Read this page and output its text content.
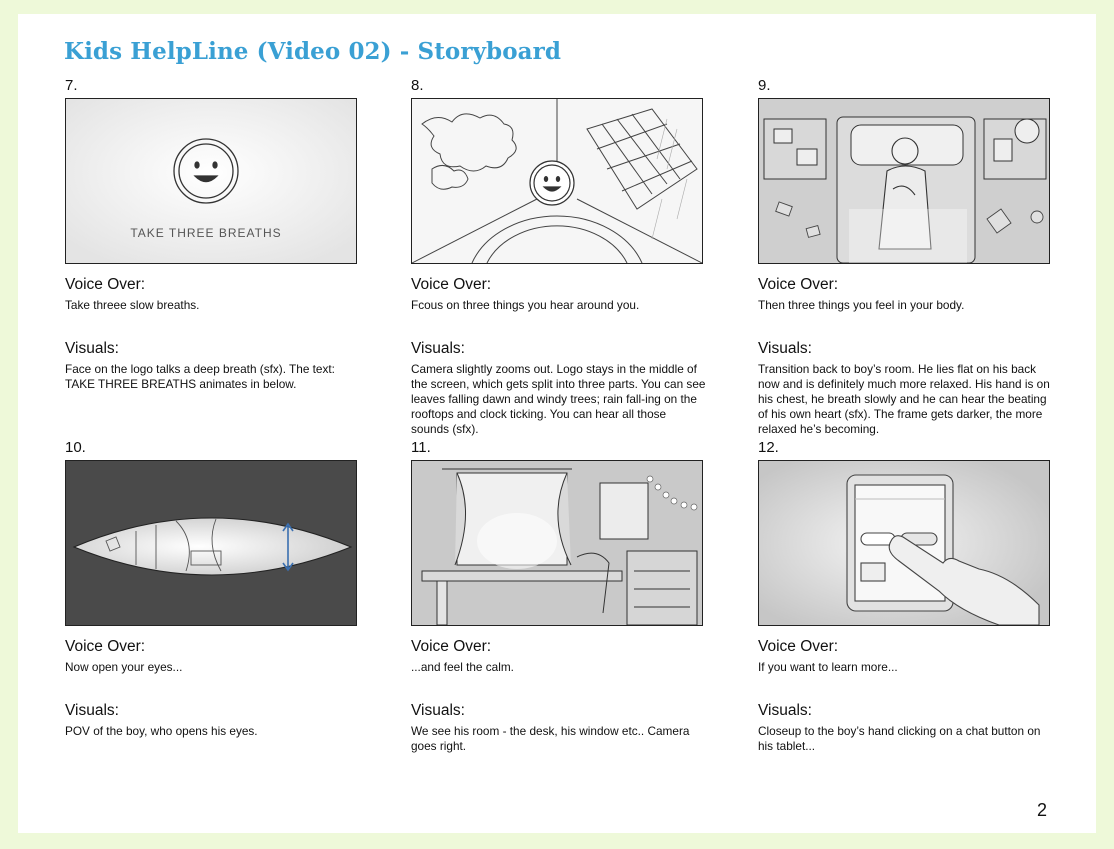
Kids HelpLine (Video 02) - Storyboard
7.
TAKE THREE BREATHS
Voice Over:
Take threee slow breaths.
Visuals:
Face on the logo talks a deep breath (sfx). The text: TAKE THREE BREATHS animates in below.
8.
Voice Over:
Fcous on three things you hear around you.
Visuals:
Camera slightly zooms out. Logo stays in the middle of the screen, which gets split into three parts. You can see leaves falling dawn and windy trees; rain fall-ing on the rooftops and clock ticking. You can hear all those sounds (sfx).
9.
Voice Over:
Then three things you feel in your body.
Visuals:
Transition back to boy’s room. He lies flat on his back now and is definitely much more relaxed. His hand is on his chest, he breath slowly and he can hear the beating of his own heart (sfx). The frame gets darker, the more relaxed he’s becoming.
10.
Voice Over:
Now open your eyes...
Visuals:
POV of the boy, who opens his eyes.
11.
Voice Over:
...and feel the calm.
Visuals:
We see his room - the desk, his window etc.. Camera goes right.
12.
Voice Over:
If you want to learn more...
Visuals:
Closeup to the boy’s hand clicking on a chat button on his tablet...
2
